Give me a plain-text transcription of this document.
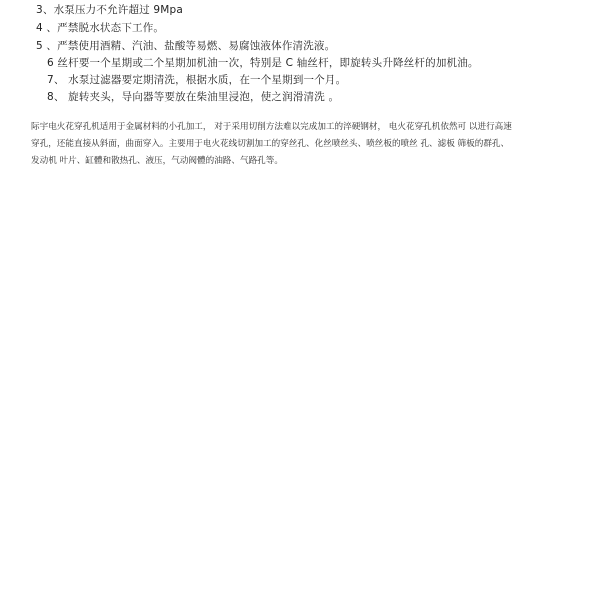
3、水泵压力不允许超过 9Mpa
4 、严禁脱水状态下工作。
5 、严禁使用酒精、汽油、盐酸等易燃、易腐蚀液体作清洗液。
6 丝杆要一个星期或二个星期加机油一次，特别是 C 轴丝杆，即旋转头升降丝杆的加机油。
7、 水泵过滤器要定期清洗，根据水质，在一个星期到一个月。
8、 旋转夹头，导向器等要放在柴油里浸泡，使之润滑清洗 。
际宇电火花穿孔机适用于金属材料的小孔加工， 对于采用切削方法难以完成加工的淬硬钢材， 电火花穿孔机依然可 以进行高速
穿孔，还能直接从斜面，曲面穿入。主要用于电火花线切割加工的穿丝孔、化丝喷丝头、喷丝板的喷丝 孔、滤板 筛板的群孔、
发动机 叶片、缸體和散热孔、液压，气动阀體的油路、气路孔等。
